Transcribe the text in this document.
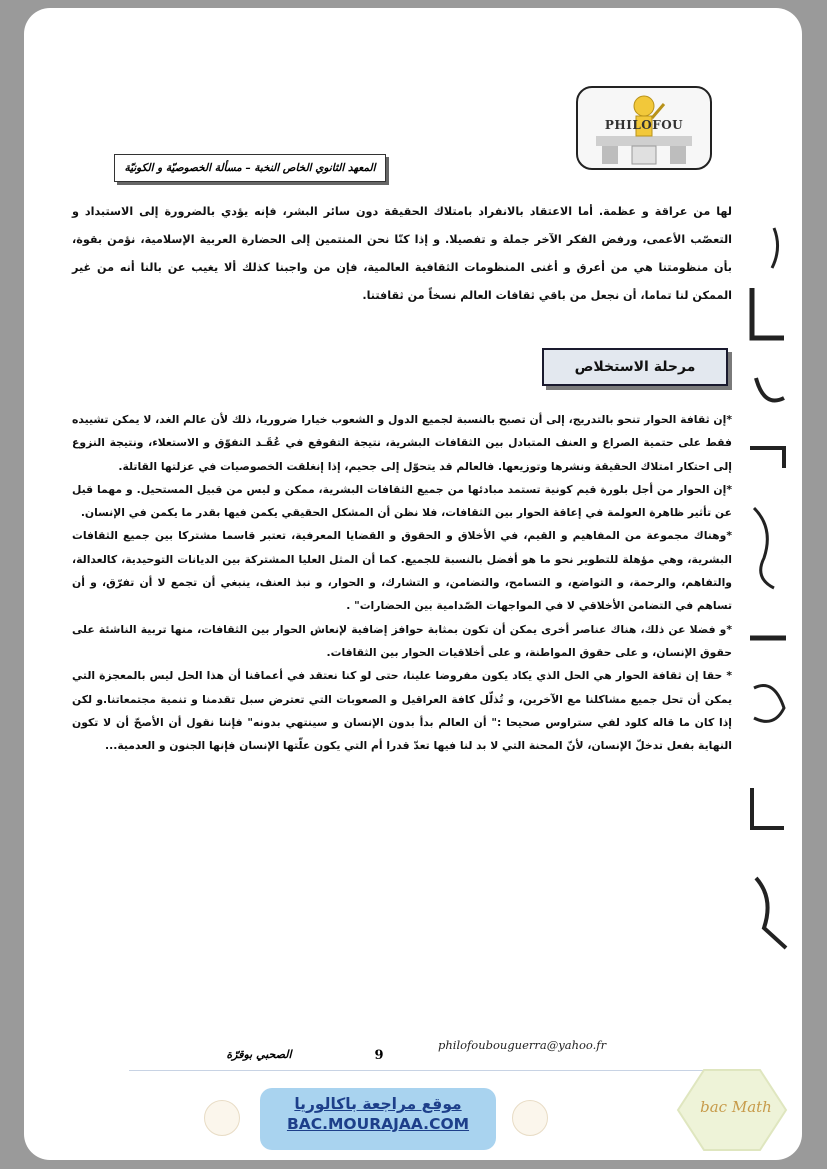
PHILOFOU
المعهد الثانوي الخاص النخبة – مسألة الخصوصيّة و الكونيّة

لها من عراقة و عظمة. أما الاعتقاد بالانفراد بامتلاك الحقيقة دون سائر البشر، فإنه يؤدي بالضرورة إلى الاستبداد و التعصّب الأعمى، ورفض الفكر الآخر جملة و تفصيلا. و إذا كنّا نحن المنتمين إلى الحضارة العربية الإسلامية، نؤمن بقوة، بأن منظومتنا هي من أعرق و أغنى المنظومات الثقافية العالمية، فإن من واجبنا كذلك ألا يغيب عن بالنا أنه من غير الممكن لنا تماما، أن نجعل من باقي ثقافات العالم نسخاً من ثقافتنا.

مرحلة الاستخلاص

*إن ثقافة الحوار تنحو بالتدريج، إلى أن تصبح بالنسبة لجميع الدول و الشعوب خيارا ضروريا، ذلك لأن عالم الغد، لا يمكن تشييده فقط على حتمية الصراع و العنف المتبادل بين الثقافات البشرية، نتيجة التقوقع في عُقَـد التفوّق و الاستعلاء، ونتيجة النزوع إلى احتكار امتلاك الحقيقة ونشرها وتوزيعها. فالعالم قد يتحوّل إلى جحيم، إذا إنغلقت الخصوصيات في عزلتها القاتلة.

*إن الحوار من أجل بلورة قيم كونية تستمد مبادئها من جميع الثقافات البشرية، ممكن و ليس من قبيل المستحيل. و مهما قيل عن تأثير ظاهرة العولمة في إعاقة الحوار بين الثقافات، فلا نظن أن المشكل الحقيقي يكمن فيها بقدر ما يكمن في الإنسان.

*وهناك مجموعة من المفاهيم و القيم، في الأخلاق و الحقوق و القضايا المعرفية، تعتبر قاسما مشتركا بين جميع الثقافات البشرية، وهي مؤهلة للتطوير نحو ما هو أفضل بالنسبة للجميع. كما أن المثل العليا المشتركة بين الديانات التوحيدية، كالعدالة، والتفاهم، والرحمة، و التواضع، و التسامح، والتضامن، و التشارك، و الحوار، و نبذ العنف، ينبغي أن تجمع لا أن تفرّق، و أن تساهم في التضامن الأخلاقي لا في المواجهات الصّدامية بين الحضارات" .

*و فضلا عن ذلك، هناك عناصر أخرى يمكن أن تكون بمثابة حوافز إضافية لإنعاش الحوار بين الثقافات، منها تربية الناشئة على حقوق الإنسان، و على حقوق المواطنة، و على أخلاقيات الحوار بين الثقافات.

* حقا إن ثقافة الحوار هي الحل الذي يكاد يكون مفروضا علينا، حتى لو كنا نعتقد في أعماقنا أن هذا الحل ليس بالمعجزة التي يمكن أن تحل جميع مشاكلنا مع الآخرين، و تُذلّل كافة العراقيل و الصعوبات التي تعترض سبل تقدمنا و تنمية مجتمعاتنا.و لكن إذا كان ما قاله كلود لفي ستراوس صحيحا :" أن العالم بدأ بدون الإنسان و سينتهي بدونه" فإننا نقول أن الأصحّ أن لا تكون النهاية بفعل تدخلّ الإنسان، لأنّ المحنة التي لا بد لنا فيها تعدّ قدرا أم التي يكون علّتها الإنسان فإنها الجنون و العدمية...

philofoubouguerra@yahoo.fr
9
الصحبي بوقرّة
موقع مراجعة باكالوريا
BAC.MOURAJAA.COM
bac Math
